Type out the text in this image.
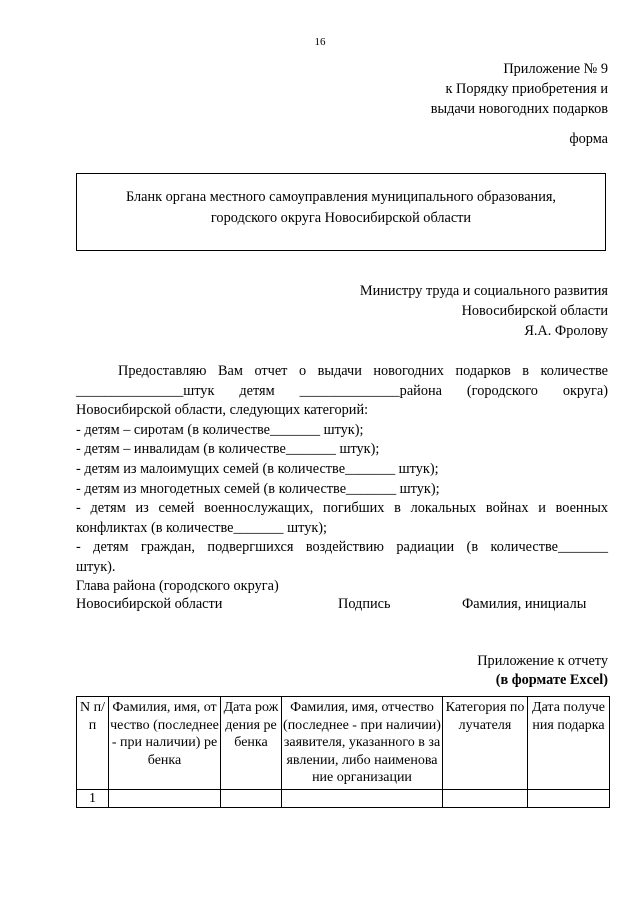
16
Приложение № 9
к Порядку приобретения и
выдачи новогодних подарков
форма
Бланк органа местного самоуправления муниципального образования,
городского округа Новосибирской области
Министру труда и социального развития
Новосибирской области
Я.А. Фролову
Предоставляю Вам отчет о выдачи новогодних подарков в количестве
_______________штук детям ______________района (городского округа)
Новосибирской области, следующих категорий:
- детям – сиротам (в количестве_______ штук);
- детям – инвалидам (в количестве_______ штук);
- детям из малоимущих семей (в количестве_______ штук);
- детям из многодетных семей (в количестве_______ штук);
- детям из семей военнослужащих, погибших в локальных войнах и военных
конфликтах (в количестве_______ штук);
- детям граждан, подвергшихся воздействию радиации (в количестве_______
штук).
Глава района (городского округа)
Новосибирской области	Подпись	Фамилия, инициалы
Приложение к отчету
(в формате Excel)
N п/п	Фамилия, имя, отчество (последнее - при наличии) ребенка	Дата рождения ребенка	Фамилия, имя, отчество (последнее - при наличии) заявителя, указанного в заявлении, либо наименование организации	Категория получателя	Дата получения подарка
1					
